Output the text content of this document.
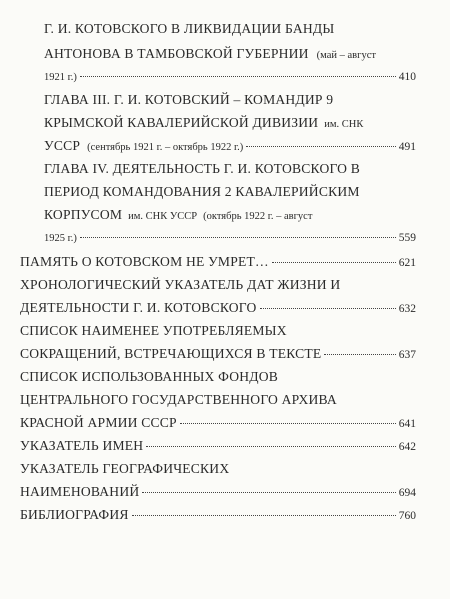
Г. И. КОТОВСКОГО В ЛИКВИДАЦИИ БАНДЫ
АНТОНОВА В ТАМБОВСКОЙ ГУБЕРНИИ (май – август
1921 г.)	410
ГЛАВА III. Г. И. КОТОВСКИЙ – КОМАНДИР 9
КРЫМСКОЙ КАВАЛЕРИЙСКОЙ ДИВИЗИИ им. СНК
УССР (сентябрь 1921 г. – октябрь 1922 г.)	491
ГЛАВА IV. ДЕЯТЕЛЬНОСТЬ Г. И. КОТОВСКОГО В
ПЕРИОД КОМАНДОВАНИЯ 2 КАВАЛЕРИЙСКИМ
КОРПУСОМ им. СНК УССР (октябрь 1922 г. – август
1925 г.)	559
ПАМЯТЬ О КОТОВСКОМ НЕ УМРЕТ…	621
ХРОНОЛОГИЧЕСКИЙ УКАЗАТЕЛЬ ДАТ ЖИЗНИ И
ДЕЯТЕЛЬНОСТИ Г. И. КОТОВСКОГО	632
СПИСОК НАИМЕНЕЕ УПОТРЕБЛЯЕМЫХ
СОКРАЩЕНИЙ, ВСТРЕЧАЮЩИХСЯ В ТЕКСТЕ	637
СПИСОК ИСПОЛЬЗОВАННЫХ ФОНДОВ
ЦЕНТРАЛЬНОГО ГОСУДАРСТВЕННОГО АРХИВА
КРАСНОЙ АРМИИ СССР	641
УКАЗАТЕЛЬ ИМЕН	642
УКАЗАТЕЛЬ ГЕОГРАФИЧЕСКИХ
НАИМЕНОВАНИЙ	694
БИБЛИОГРАФИЯ	760
